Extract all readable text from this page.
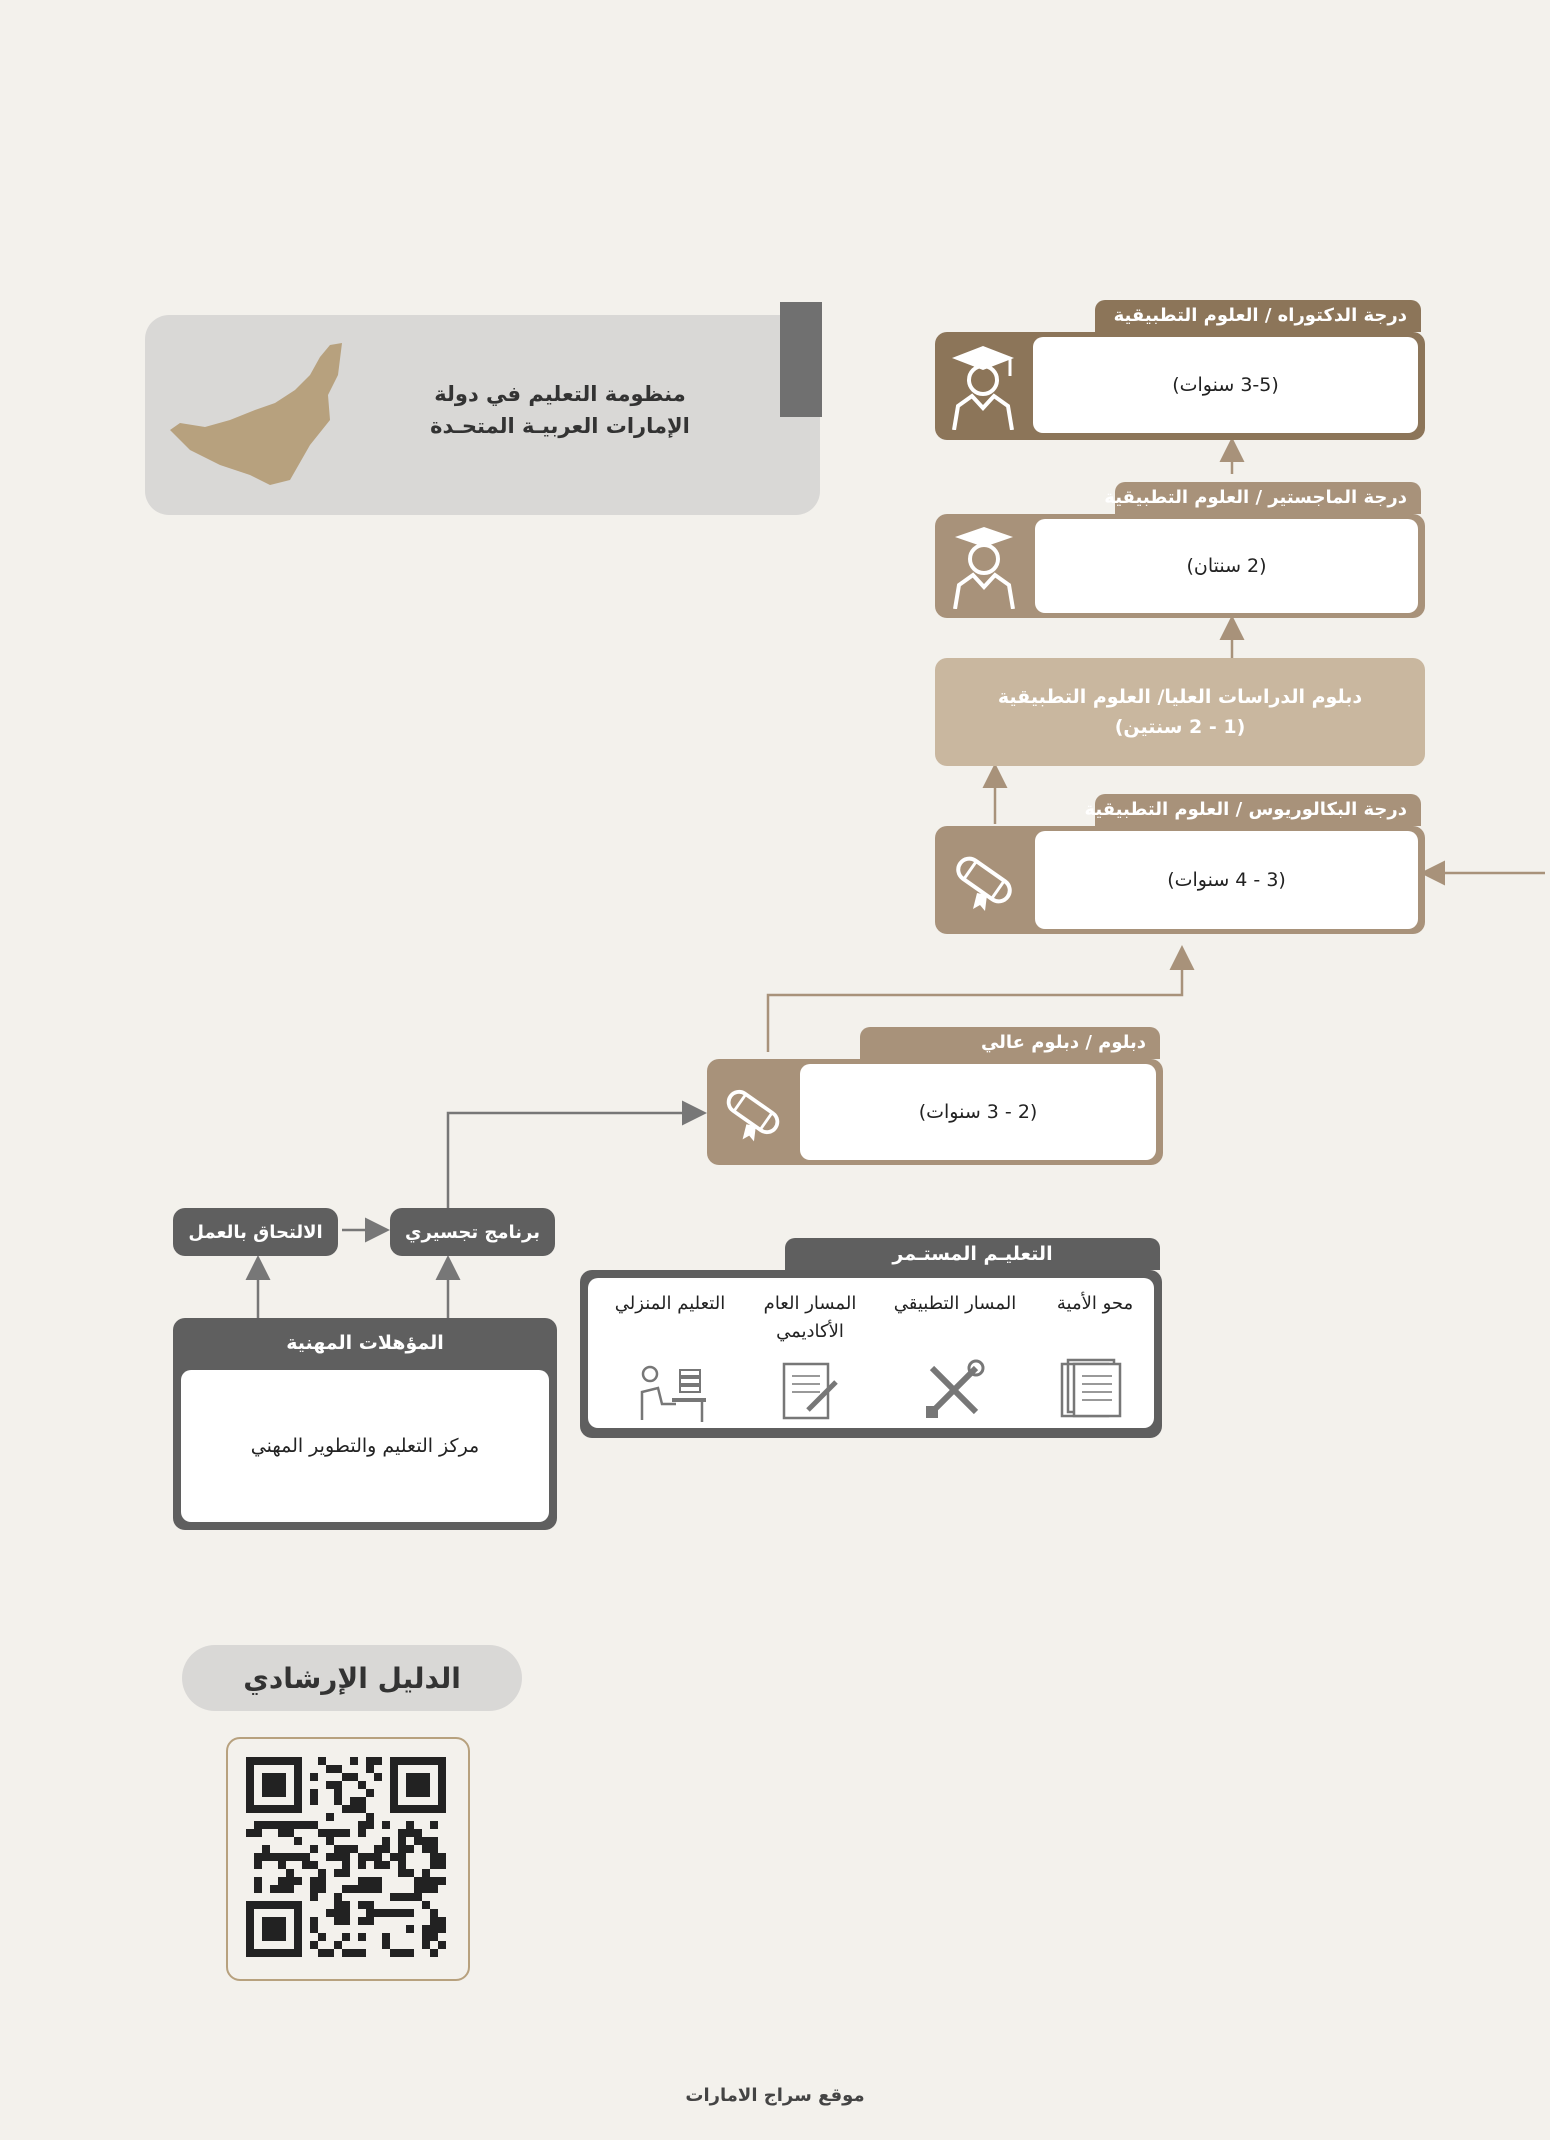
منظومة التعليم في دولة
الإمارات العربيـة المتحـدة
درجة الدكتوراه / العلوم التطبيقية
(3-5 سنوات)
درجة الماجستير / العلوم التطبيقية
(2 سنتان)
دبلوم الدراسات العليا/ العلوم التطبيقية
(1 - 2 سنتين)
درجة البكالوريوس / العلوم التطبيقية
(3 - 4 سنوات)
دبلوم / دبلوم عالي
(2 - 3 سنوات)
برنامج تجسيري
الالتحاق بالعمل
المؤهلات المهنية
مركز التعليم والتطوير المهني
التعليـم المستـمر
محو الأمية
المسار التطبيقي
المسار العام الأكاديمي
التعليم المنزلي
الدليل الإرشادي
موقع سراج الامارات
